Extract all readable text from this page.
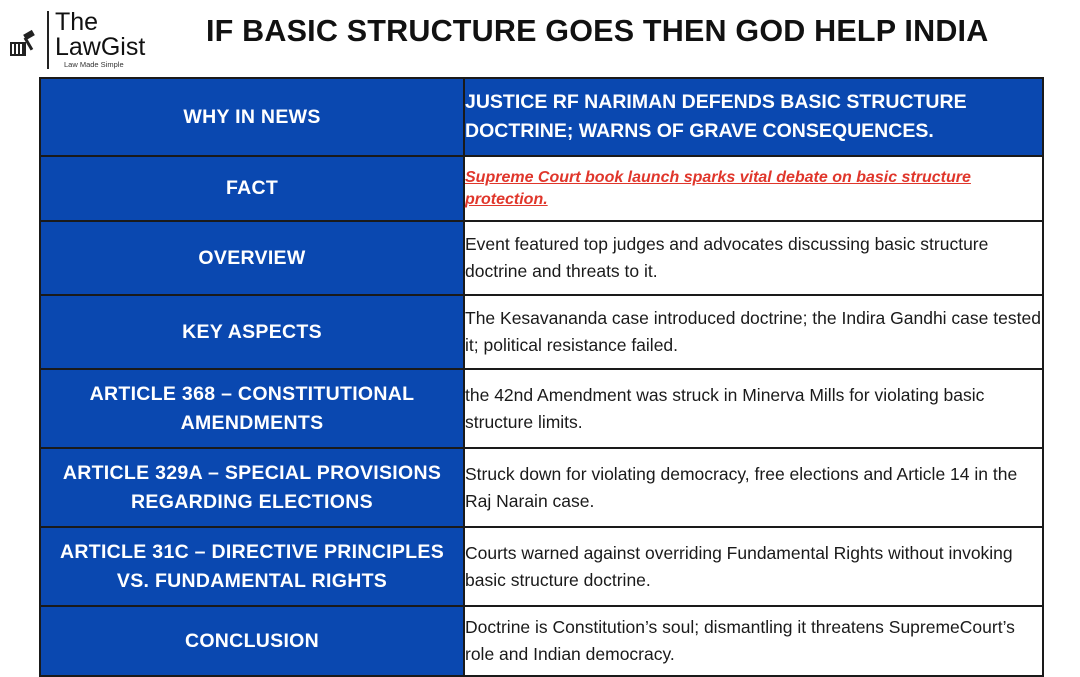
The
LawGist
Law Made Simple
IF BASIC STRUCTURE GOES THEN GOD HELP INDIA
WHY IN NEWS	JUSTICE RF NARIMAN DEFENDS BASIC STRUCTURE DOCTRINE; WARNS OF GRAVE CONSEQUENCES.
FACT	Supreme Court book launch sparks vital debate on basic structure protection.

OVERVIEW	Event featured top judges and advocates discussing basic structure doctrine and threats to it.
KEY ASPECTS	The Kesavananda case introduced doctrine; the Indira Gandhi case tested it; political resistance failed.
ARTICLE 368 – CONSTITUTIONAL AMENDMENTS	the 42nd Amendment was struck in Minerva Mills for violating basic structure limits.
ARTICLE 329A – SPECIAL PROVISIONS REGARDING ELECTIONS	Struck down for violating democracy, free elections and Article 14 in the Raj Narain case.
ARTICLE 31C – DIRECTIVE PRINCIPLES VS. FUNDAMENTAL RIGHTS	Courts warned against overriding Fundamental Rights without invoking basic structure doctrine.
CONCLUSION	Doctrine is Constitution’s soul; dismantling it threatens SupremeCourt’s role and Indian democracy.
